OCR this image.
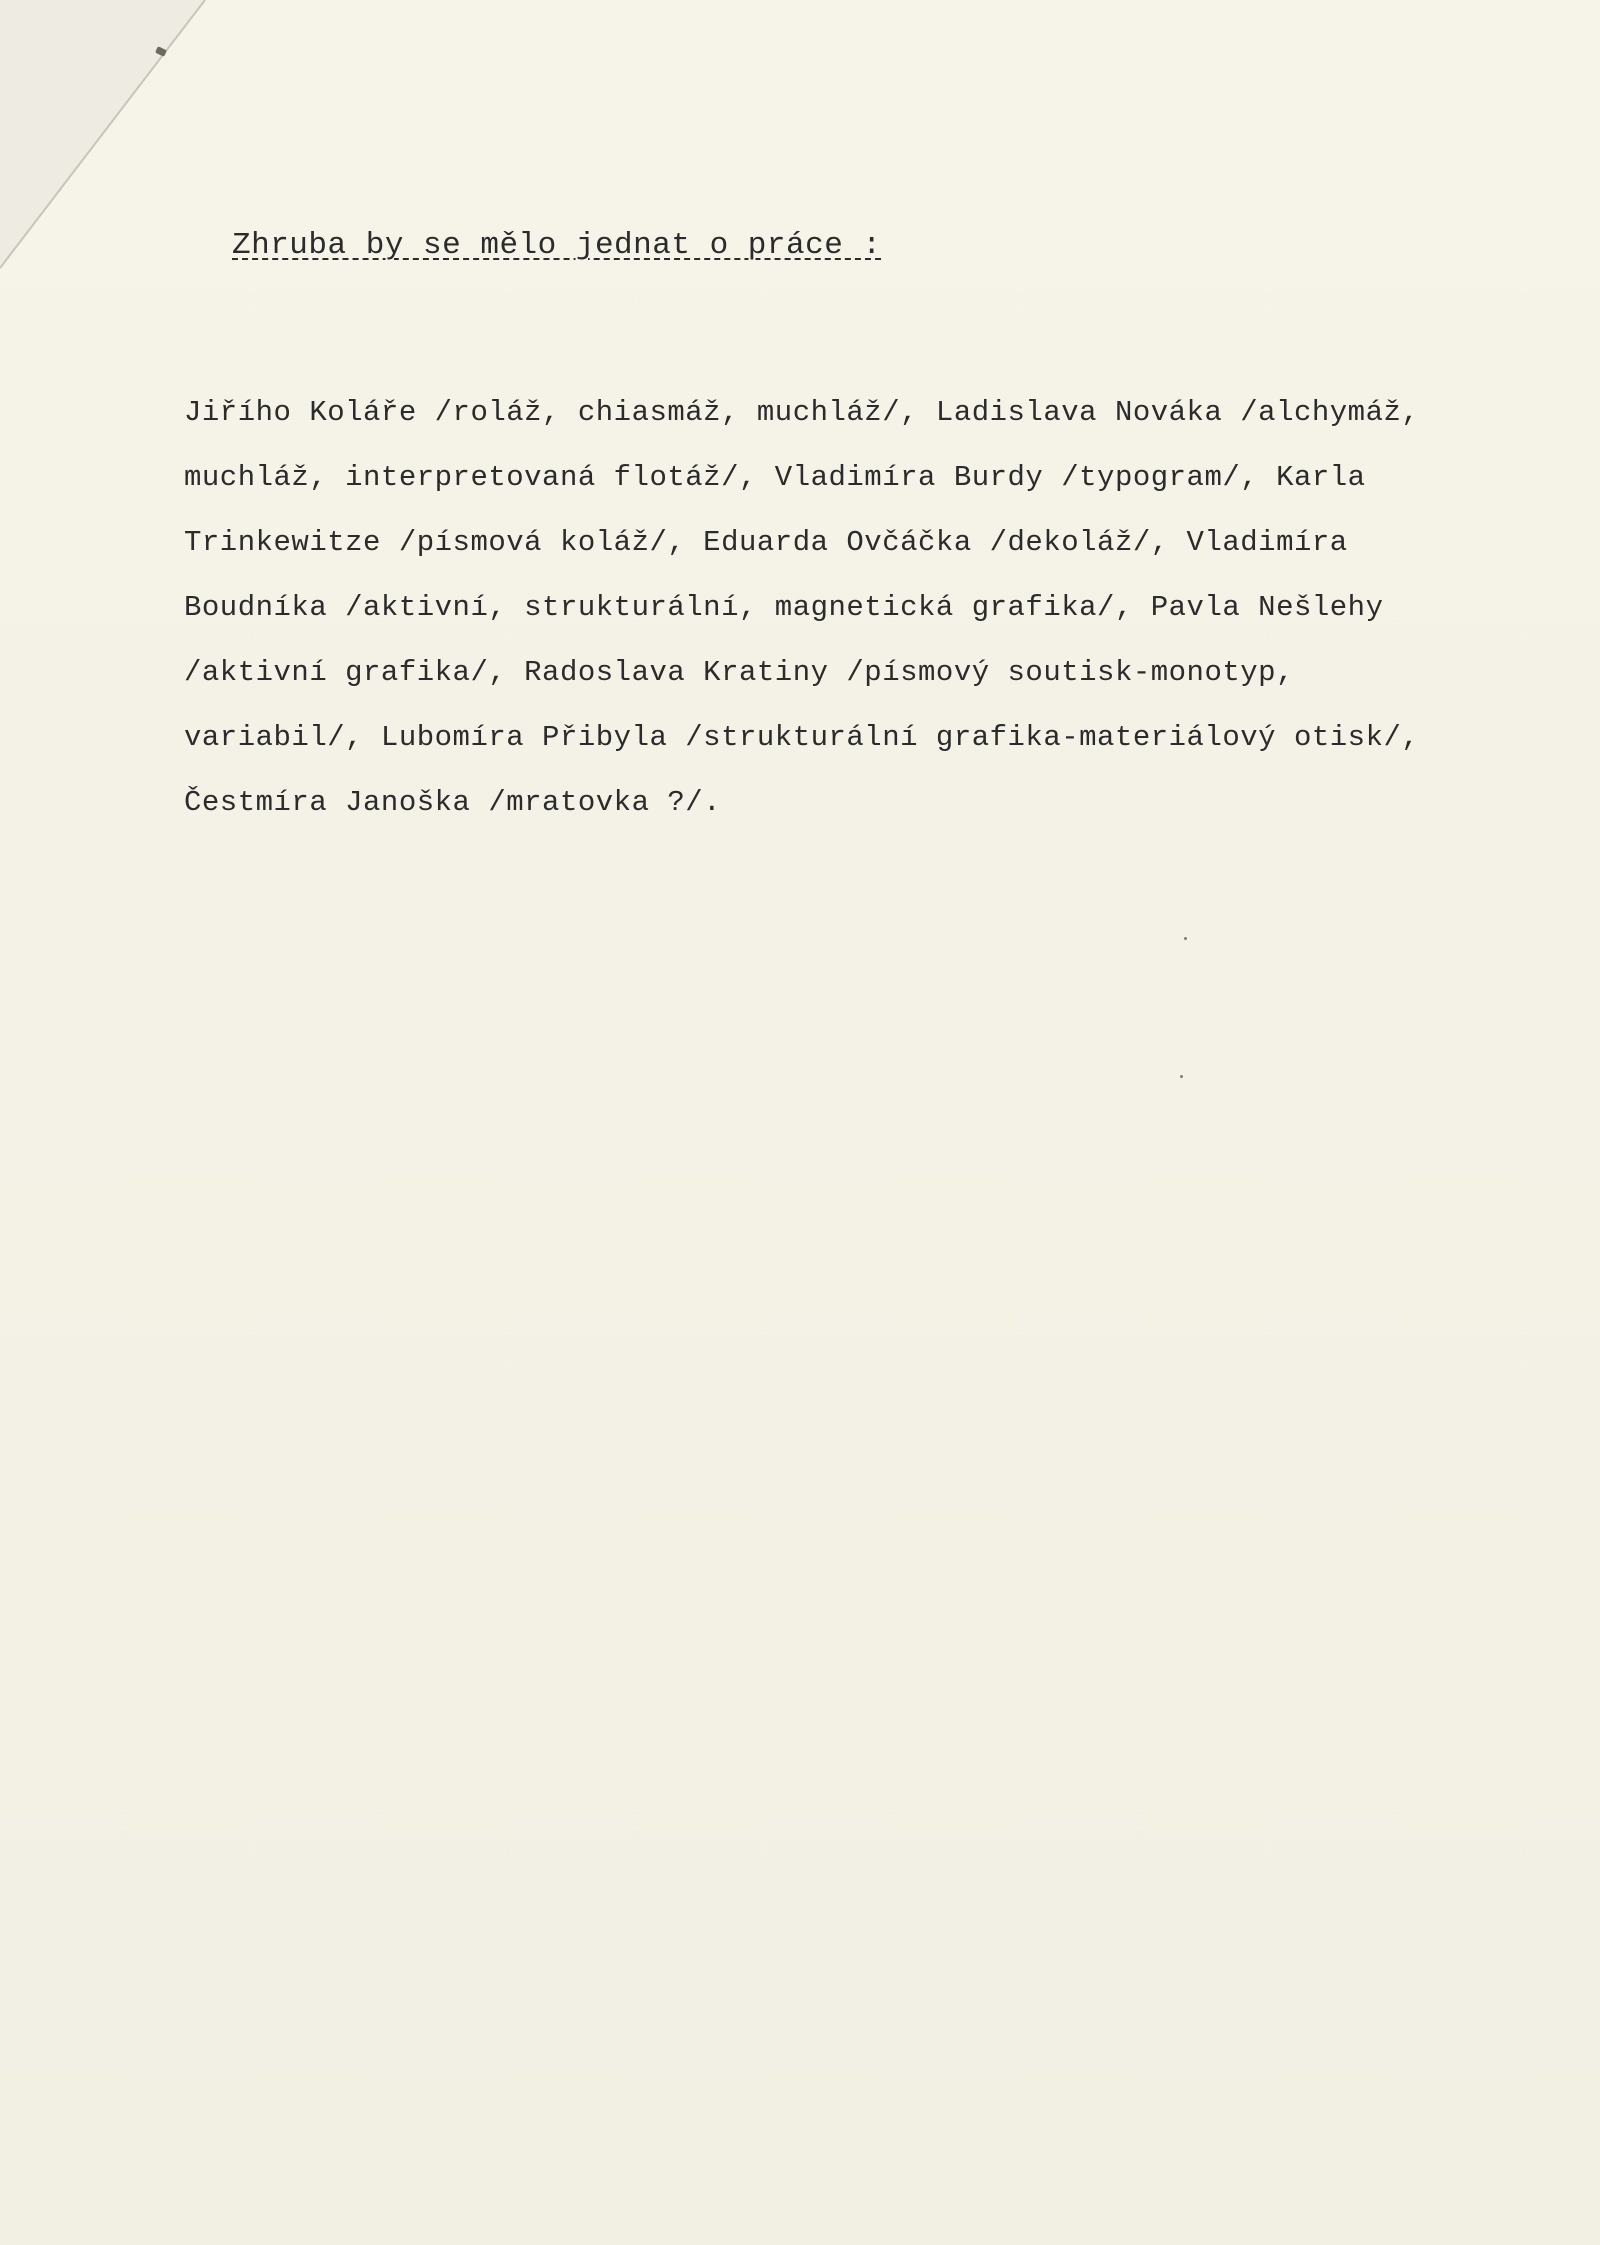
Zhruba by se mělo jednat o práce :
Jiřího Koláře /roláž, chiasmáž, muchláž/, Ladislava Nováka /alchymáž,
muchláž, interpretovaná flotáž/, Vladimíra Burdy /typogram/, Karla
Trinkewitze /písmová koláž/, Eduarda Ovčáčka /dekoláž/, Vladimíra
Boudníka /aktivní, strukturální, magnetická grafika/, Pavla Nešlehy
/aktivní grafika/, Radoslava Kratiny /písmový soutisk-monotyp,
variabil/, Lubomíra Přibyla /strukturální grafika-materiálový otisk/,
Čestmíra Janoška /mratovka ?/.
